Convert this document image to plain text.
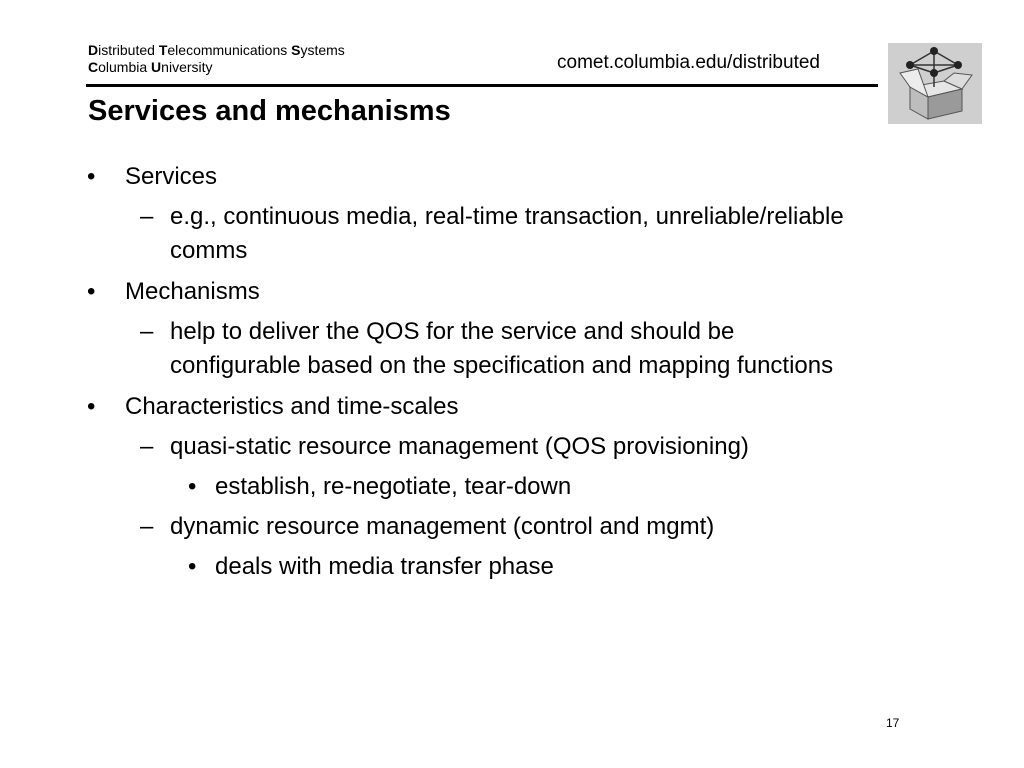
Distributed Telecommunications Systems
Columbia University	comet.columbia.edu/distributed
Services and mechanisms
• Services
– e.g., continuous media, real-time transaction, unreliable/reliable comms
• Mechanisms
– help to deliver the QOS for the service and should be configurable based on the specification and mapping functions
• Characteristics and time-scales
– quasi-static resource management (QOS provisioning)
• establish, re-negotiate, tear-down
– dynamic resource management (control and mgmt)
• deals with media transfer phase
17
